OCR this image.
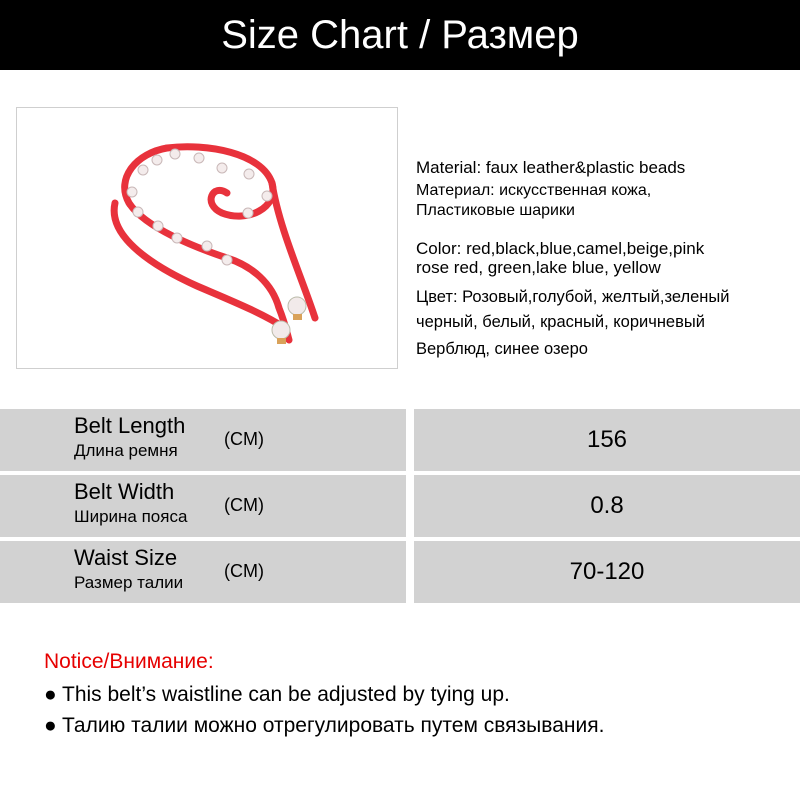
Size Chart / Размер
Material: faux leather&plastic beads
Материал: искусственная кожа,
Пластиковые шарики
Color: red,black,blue,camel,beige,pink
rose red, green,lake blue, yellow
Цвет: Розовый,голубой, желтый,зеленый
черный, белый, красный, коричневый
Верблюд, синее озеро
Belt Length
Длина ремня
(CM)	156
Belt Width
Ширина пояса
(CM)	0.8
Waist Size
Размер талии
(CM)	70-120
Notice/Внимание:
● This belt’s waistline can be adjusted by tying up.
● Талию талии можно отрегулировать путем связывания.
